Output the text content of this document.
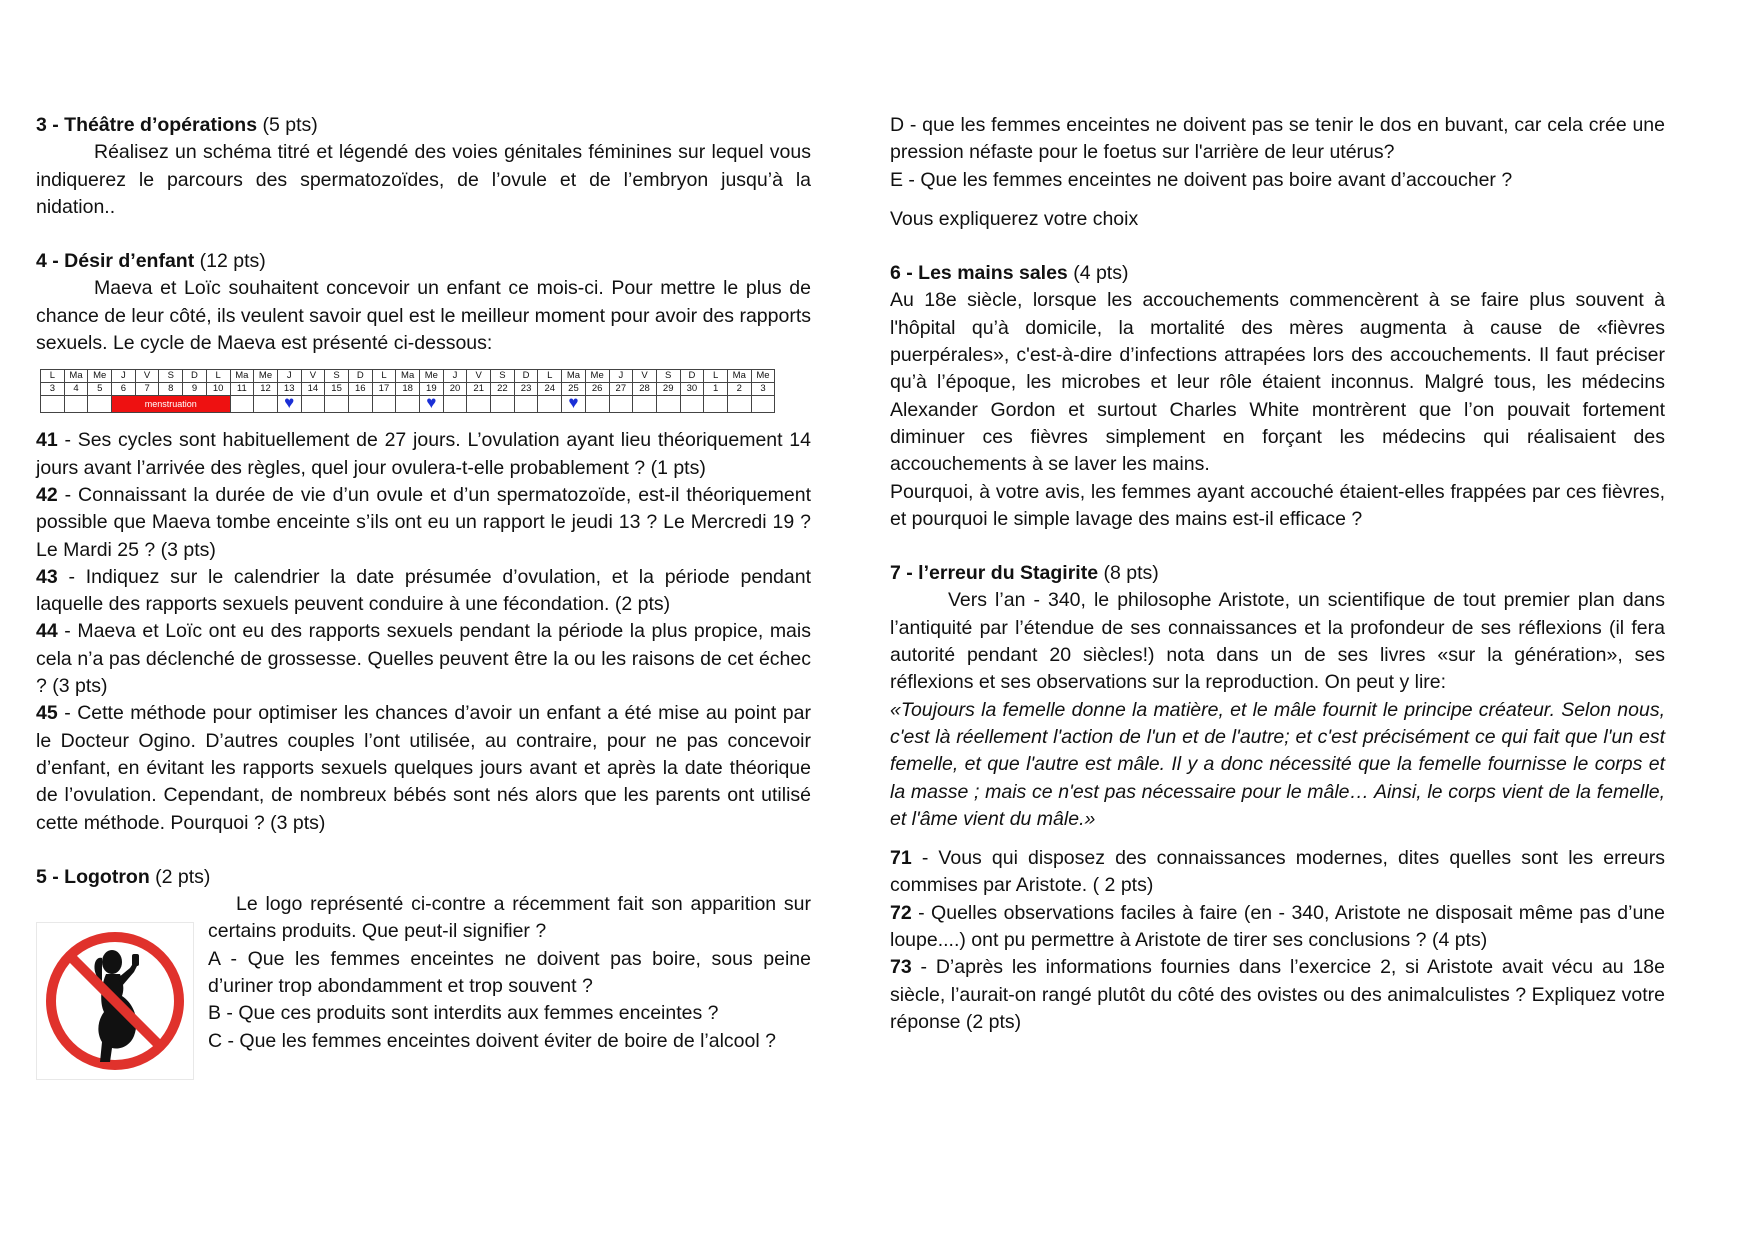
3 - Théâtre d’opérations (5 pts)

Réalisez un schéma titré et légendé des voies génitales féminines sur lequel vous indiquerez le parcours des spermatozoïdes, de l’ovule et de l’embryon jusqu’à la nidation..

4 - Désir d’enfant (12 pts)

Maeva et Loïc souhaitent concevoir un enfant ce mois-ci. Pour mettre le plus de chance de leur côté, ils veulent savoir quel est le meilleur moment pour avoir des rapports sexuels. Le cycle de Maeva est présenté ci-dessous:

L	Ma	Me	J	V	S	D	L	Ma	Me	J	V	S	D	L	Ma	Me	J	V	S	D	L	Ma	Me	J	V	S	D	L	Ma	Me
3	4	5	6	7	8	9	10	11	12	13	14	15	16	17	18	19	20	21	22	23	24	25	26	27	28	29	30	1	2	3
			menstruation							♥						♥						♥								

41 - Ses cycles sont habituellement de 27 jours. L’ovulation ayant lieu théoriquement 14 jours avant l’arrivée des règles, quel jour ovulera-t-elle probablement ? (1 pts)

42 - Connaissant la durée de vie d’un ovule et d’un spermatozoïde, est-il théoriquement possible que Maeva tombe enceinte s’ils ont eu un rapport le jeudi 13 ? Le Mercredi 19 ? Le Mardi 25 ? (3 pts)

43 - Indiquez sur le calendrier la date présumée d’ovulation, et la période pendant laquelle des rapports sexuels peuvent conduire à une fécondation. (2 pts)

44 - Maeva et Loïc ont eu des rapports sexuels pendant la période la plus propice, mais cela n’a pas déclenché de grossesse. Quelles peuvent être la ou les raisons de cet échec ? (3 pts)

45 - Cette méthode pour optimiser les chances d’avoir un enfant a été mise au point par le Docteur Ogino. D’autres couples l’ont utilisée, au contraire, pour ne pas concevoir d’enfant, en évitant les rapports sexuels quelques jours avant et après la date théorique de l’ovulation. Cependant, de nombreux bébés sont nés alors que les parents ont utilisé cette méthode. Pourquoi ? (3 pts)

5 - Logotron (2 pts)

Le logo représenté ci-contre a récemment fait son apparition sur certains produits. Que peut-il signifier ?

A - Que les femmes enceintes ne doivent pas boire, sous peine d’uriner trop abondamment et trop souvent ?

B - Que ces produits sont interdits aux femmes enceintes ?

C - Que les femmes enceintes doivent éviter de boire de l’alcool ?

D - que les femmes enceintes ne doivent pas se tenir le dos en buvant, car cela crée une pression néfaste pour le foetus sur l'arrière de leur utérus?

E - Que les femmes enceintes ne doivent pas boire avant d’accoucher ?

Vous expliquerez votre choix

6 - Les mains sales (4 pts)

Au 18e siècle, lorsque les accouchements commencèrent à se faire plus souvent à l'hôpital qu’à domicile, la mortalité des mères augmenta à cause de «fièvres puerpérales», c'est-à-dire d’infections attrapées lors des accouchements. Il faut préciser qu’à l’époque, les microbes et leur rôle étaient inconnus. Malgré tous, les médecins Alexander Gordon et surtout Charles White montrèrent que l’on pouvait fortement diminuer ces fièvres simplement en forçant les médecins qui réalisaient des accouchements à se laver les mains.

Pourquoi, à votre avis, les femmes ayant accouché étaient-elles frappées par ces fièvres, et pourquoi le simple lavage des mains est-il efficace ?

7 - l’erreur du Stagirite (8 pts)

Vers l’an - 340, le philosophe Aristote, un scientifique de tout premier plan dans l’antiquité par l’étendue de ses connaissances et la profondeur de ses réflexions (il fera autorité pendant 20 siècles!) nota dans un de ses livres «sur la génération», ses réflexions et ses observations sur la reproduction. On peut y lire:

«Toujours la femelle donne la matière, et le mâle fournit le principe créateur. Selon nous, c'est là réellement l'action de l'un et de l'autre; et c'est précisément ce qui fait que l'un est femelle, et que l'autre est mâle. Il y a donc nécessité que la femelle fournisse le corps et la masse ; mais ce n'est pas nécessaire pour le mâle… Ainsi, le corps vient de la femelle, et l'âme vient du mâle.»

71 - Vous qui disposez des connaissances modernes, dites quelles sont les erreurs commises par Aristote. ( 2 pts)

72 - Quelles observations faciles à faire (en - 340, Aristote ne disposait même pas d’une loupe....) ont pu permettre à Aristote de tirer ses conclusions ? (4 pts)

73 - D’après les informations fournies dans l’exercice 2, si Aristote avait vécu au 18e siècle, l’aurait-on rangé plutôt du côté des ovistes ou des animalculistes ? Expliquez votre réponse (2 pts)
